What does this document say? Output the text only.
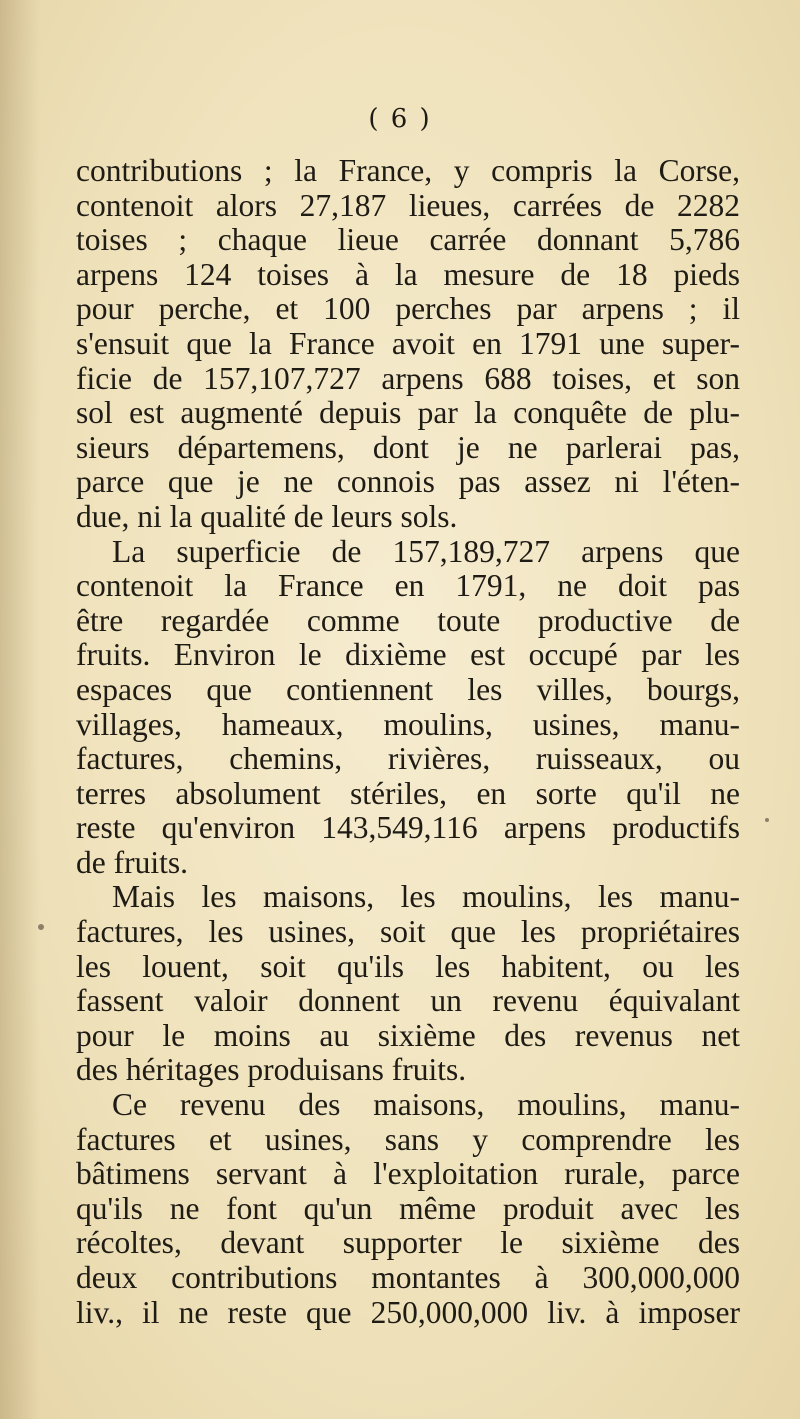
( 6 )
contributions ; la France, y compris la Corse,
contenoit alors 27,187 lieues, carrées de 2282
toises ; chaque lieue carrée donnant 5,786
arpens 124 toises à la mesure de 18 pieds
pour perche, et 100 perches par arpens ; il
s'ensuit que la France avoit en 1791 une super-
ficie de 157,107,727 arpens 688 toises, et son
sol est augmenté depuis par la conquête de plu-
sieurs départemens, dont je ne parlerai pas,
parce que je ne connois pas assez ni l'éten-
due, ni la qualité de leurs sols.
La superficie de 157,189,727 arpens que
contenoit la France en 1791, ne doit pas
être regardée comme toute productive de
fruits. Environ le dixième est occupé par les
espaces que contiennent les villes, bourgs,
villages, hameaux, moulins, usines, manu-
factures, chemins, rivières, ruisseaux, ou
terres absolument stériles, en sorte qu'il ne
reste qu'environ 143,549,116 arpens productifs
de fruits.
Mais les maisons, les moulins, les manu-
factures, les usines, soit que les propriétaires
les louent, soit qu'ils les habitent, ou les
fassent valoir donnent un revenu équivalant
pour le moins au sixième des revenus net
des héritages produisans fruits.
Ce revenu des maisons, moulins, manu-
factures et usines, sans y comprendre les
bâtimens servant à l'exploitation rurale, parce
qu'ils ne font qu'un même produit avec les
récoltes, devant supporter le sixième des
deux contributions montantes à 300,000,000
liv., il ne reste que 250,000,000 liv. à imposer
